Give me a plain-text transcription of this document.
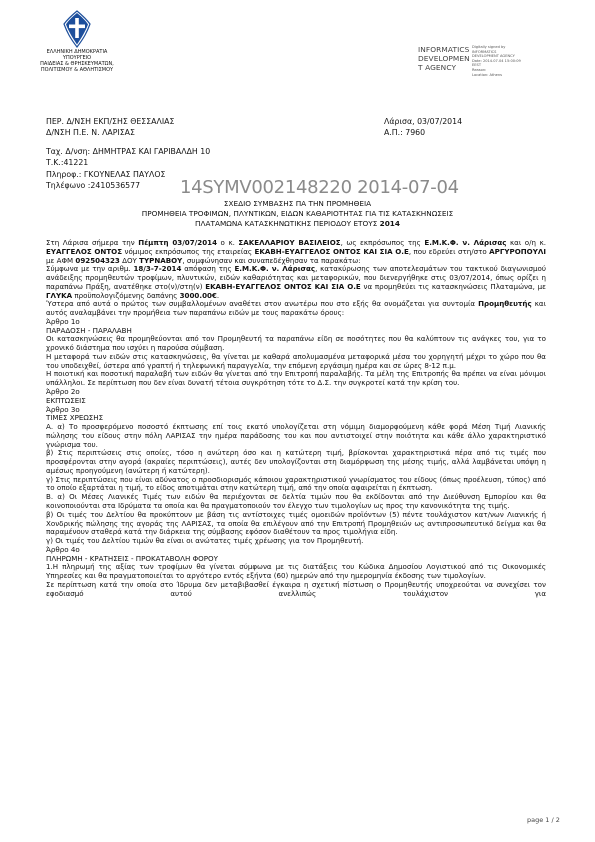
ΕΛΛΗΝΙΚΗ ΔΗΜΟΚΡΑΤΙΑ
ΥΠΟΥΡΓΕΙΟ
ΠΑΙΔΕΙΑΣ & ΘΡΗΣΚΕΥΜΑΤΩΝ,
ΠΟΛΙΤΙΣΜΟΥ & ΑΘΛΗΤΙΣΜΟΥ
INFORMATICS
DEVELOPMEN
T AGENCY
Digitally signed by
INFORMATICS
DEVELOPMENT AGENCY
Date: 2014.07.04 15:00:09
EEST
Reason:
Location: Athens
ΠΕΡ. Δ/ΝΣΗ ΕΚΠ/ΣΗΣ ΘΕΣΣΑΛΙΑΣ
Δ/ΝΣΗ Π.Ε. Ν. ΛΑΡΙΣΑΣ
Λάρισα, 03/07/2014
Α.Π.: 7960
Ταχ. Δ/νση: ΔΗΜΗΤΡΑΣ ΚΑΙ ΓΑΡΙΒΑΛΔΗ 10
Τ.Κ.:41221
Πληροφ.: ΓΚΟΥΝΕΛΑΣ ΠΑΥΛΟΣ
Τηλέφωνο :2410536577	14SYMV002148220 2014-07-04
ΣΧΕΔΙΟ ΣΥΜΒΑΣΗΣ ΠΑ ΤΗΝ ΠΡΟΜΗΘΕΙΑ
ΠΡΟΜΗΘΕΙΑ ΤΡΟΦΙΜΩΝ, ΠΛΥΝΤΙΚΩΝ, ΕΙΔΩΝ ΚΑΘΑΡΙΟΤΗΤΑΣ ΓΙΑ ΤΙΣ ΚΑΤΑΣΚΗΝΩΣΕΙΣ
ΠΛΑΤΑΜΩΝΑ ΚΑΤΑΣΚΗΝΩΤΙΚΗΣ ΠΕΡΙΟΔΟΥ ΕΤΟΥΣ 2014

Στη Λάρισα σήμερα την Πέμπτη 03/07/2014 ο κ. ΣΑΚΕΛΛΑΡΙΟΥ ΒΑΣΙΛΕΙΟΣ, ως εκπρόσωπος της Ε.Μ.Κ.Φ. ν. Λάρισας και ο/η κ. ΕΥΑΓΓΕΛΟΣ ΟΝΤΟΣ νόμιμος εκπρόσωπος της εταιρείας ΕΚΑΒΗ-ΕΥΑΓΓΕΛΟΣ ΟΝΤΟΣ ΚΑΙ ΣΙΑ Ο.Ε, που εδρεύει στη/στο ΑΡΓΥΡΟΠΟΥΛΙ με ΑΦΜ 092504323 ΔΟΥ ΤΥΡΝΑΒΟΥ, συμφώνησαν και συναπεδέχθησαν τα παρακάτω:

Σύμφωνα με την αριθμ. 18/3-7-2014 απόφαση της Ε.Μ.Κ.Φ. ν. Λάρισας, κατακύρωσης των αποτελεσμάτων του τακτικού διαγωνισμού ανάδειξης προμηθευτών τροφίμων, πλυντικών, ειδών καθαριότητας και μεταφορικών, που διενεργήθηκε στις 03/07/2014, όπως ορίζει η παραπάνω Πράξη, ανατέθηκε στο(ν)/στη(ν) ΕΚΑΒΗ-ΕΥΑΓΓΕΛΟΣ ΟΝΤΟΣ ΚΑΙ ΣΙΑ Ο.Ε να προμηθεύει τις κατασκηνώσεις Πλαταμώνα, με ΓΛΥΚΑ προϋπολογιζόμενης δαπάνης 3000.00€.

Ύστερα από αυτά ο πρώτος των συμβαλλομένων αναθέτει στον ανωτέρω που στο εξής θα ονομάζεται για συντομία Προμηθευτής και αυτός αναλαμβάνει την προμήθεια των παραπάνω ειδών με τους παρακάτω όρους:

Άρθρο 1ο

ΠΑΡΑΔΟΣΗ - ΠΑΡΑΛΑΒΗ

Οι κατασκηνώσεις θα προμηθεύονται από τον Προμηθευτή τα παραπάνω είδη σε ποσότητες που θα καλύπτουν τις ανάγκες του, για το χρονικό διάστημα που ισχύει η παρούσα σύμβαση.

Η μεταφορά των ειδών στις κατασκηνώσεις, θα γίνεται με καθαρά απολυμασμένα μεταφορικά μέσα του χορηγητή μέχρι το χώρο που θα του υποδειχθεί, ύστερα από γραπτή ή τηλεφωνική παραγγελία, την επόμενη εργάσιμη ημέρα και σε ώρες 8-12 π.μ.

Η ποιοτική και ποσοτική παραλαβή των ειδών θα γίνεται από την Επιτροπή παραλαβής. Τα μέλη της Επιτροπής θα πρέπει να είναι μόνιμοι υπάλληλοι. Σε περίπτωση που δεν είναι δυνατή τέτοια συγκρότηση τότε το Δ.Σ. την συγκροτεί κατά την κρίση του.

Άρθρο 2ο

ΕΚΠΤΩΣΕΙΣ

Άρθρο 3ο

ΤΙΜΕΣ ΧΡΕΩΣΗΣ

Α. α) Το προσφερόμενο ποσοστό έκπτωσης επί τοις εκατό υπολογίζεται στη νόμιμη διαμορφούμενη κάθε φορά Μέση Τιμή Λιανικής πώλησης του είδους στην πόλη ΛΑΡΙΣΑΣ την ημέρα παράδοσης του και που αντιστοιχεί στην ποιότητα και κάθε άλλο χαρακτηριστικό γνώρισμα του.

β) Στις περιπτώσεις στις οποίες, τόσο η ανώτερη όσο και η κατώτερη τιμή, βρίσκονται χαρακτηριστικά πέρα από τις τιμές που προσφέρονται στην αγορά (ακραίες περιπτώσεις), αυτές δεν υπολογίζονται στη διαμόρφωση της μέσης τιμής, αλλά λαμβάνεται υπόψη η αμέσως προηγούμενη (ανώτερη ή κατώτερη).

γ) Στις περιπτώσεις που είναι αδύνατος ο προσδιορισμός κάποιου χαρακτηριστικού γνωρίσματος του είδους (όπως προέλευση, τύπος) από το οποίο εξαρτάται η τιμή, το είδος αποτιμάται στην κατώτερη τιμή, από την οποία αφαιρείται η έκπτωση.

Β. α) Οι Μέσες Λιανικές Τιμές των ειδών θα περιέχονται σε δελτία τιμών που θα εκδίδονται από την Διεύθυνση Εμπορίου και θα κοινοποιούνται στα Ιδρύματα τα οποία και θα πραγματοποιούν τον έλεγχο των τιμολογίων ως προς την κανονικότητα της τιμής.

β) Οι τιμές του Δελτίου θα προκύπτουν με βάση τις αντίστοιχες τιμές ομοειδών προϊόντων (5) πέντε τουλάχιστον κατ/νων Λιανικής ή Χονδρικής πώλησης της αγοράς της ΛΑΡΙΣΑΣ, τα οποία θα επιλέγουν από την Επιτροπή Προμηθειών ως αντιπροσωπευτικό δείγμα και θα παραμένουν σταθερά κατά την διάρκεια της σύμβασης εφόσον διαθέτουν τα προς τιμολήγια είδη.

γ) Οι τιμές του Δελτίου τιμών θα είναι οι ανώτατες τιμές χρέωσης για τον Προμηθευτή.

Άρθρο 4ο

ΠΛΗΡΩΜΗ - ΚΡΑΤΗΣΕΙΣ - ΠΡΟΚΑΤΑΒΟΛΗ ΦΟΡΟΥ

1.Η πληρωμή της αξίας των τροφίμων θα γίνεται σύμφωνα με τις διατάξεις του Κώδικα Δημοσίου Λογιστικού από τις Οικονομικές Υπηρεσίες και θα πραγματοποιείται το αργότερο εντός εξήντα (60) ημερών από την ημερομηνία έκδοσης των τιμολογίων.

Σε περίπτωση κατά την οποία στο Ίδρυμα δεν μεταβιβασθεί έγκαιρα η σχετική πίστωση ο Προμηθευτής υποχρεούται να συνεχίσει τον εφοδιασμό αυτού ανελλιπώς τουλάχιστον για

page 1 / 2
